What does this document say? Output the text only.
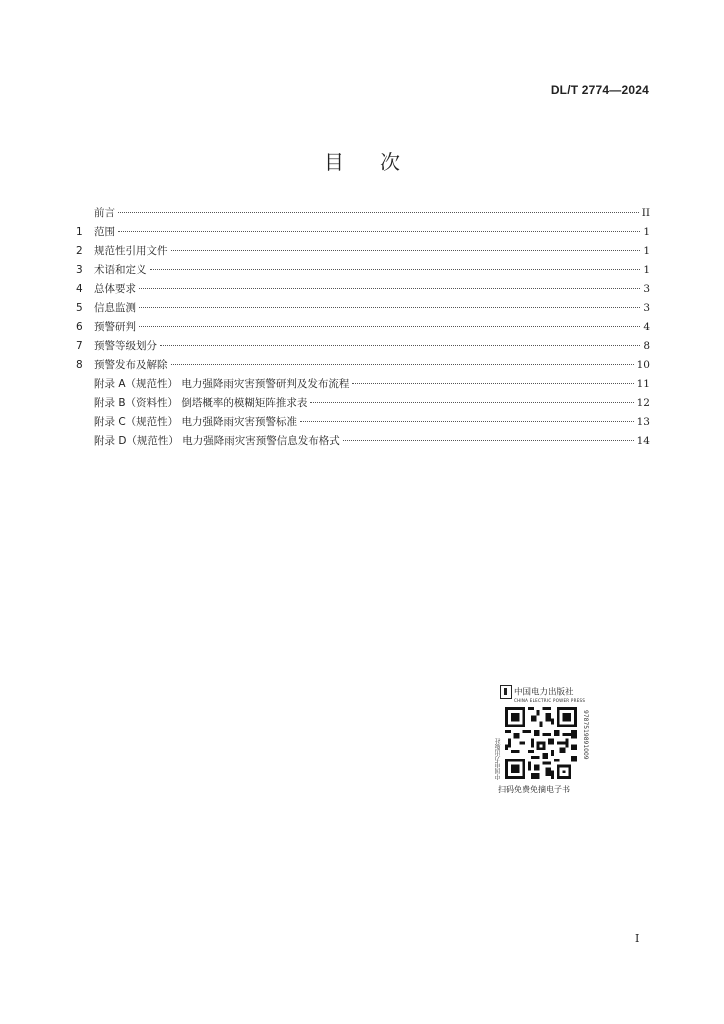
DL/T 2774—2024
目 次
前言	II
1 范围	1
2 规范性引用文件	1
3 术语和定义	1
4 总体要求	3
5 信息监测	3
6 预警研判	4
7 预警等级划分	8
8 预警发布及解除	10
附录 A（规范性） 电力强降雨灾害预警研判及发布流程	11
附录 B（资料性） 倒塔概率的模糊矩阵推求表	12
附录 C（规范性） 电力强降雨灾害预警标准	13
附录 D（规范性） 电力强降雨灾害预警信息发布格式	14
中国电力出版社
CHINA ELECTRIC POWER PRESS
中国电力出版社	9787519891009
扫码免费免摘电子书
I
